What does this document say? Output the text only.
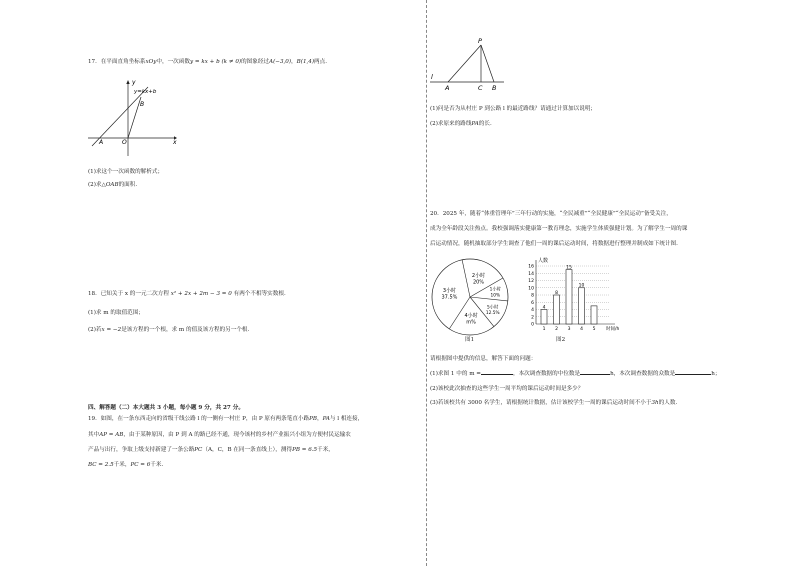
17．在平面直角坐标系xOy中，一次函数y = kx + b (k ≠ 0)的图象经过A(−3,0)，B(1,4)两点.
y
x
O
A
B
y=kx+b
(1)求这个一次函数的解析式；
(2)求△OAB的面积.
18．已知关于 x 的一元二次方程 x² + 2x + 2m − 3 = 0 有两个不相等实数根.
(1)求 m 的取值范围；
(2)若x = −2是该方程的一个根，求 m 的值及该方程的另一个根.
四、解答题（二）本大题共 3 小题，每小题 9 分，共 27 分。
19．如图，在一条东西走向的省级干线公路 l 的一侧有一村庄 P，由 P 原有两条笔直小路PB，PA与 l 相连接，
其中AP = AB，由于某种原因，由 P 到 A 的路已经不通，现今该村的乡村产业振兴小组为方便村民运输农
产品与出行，争取上级支持新建了一条公路PC（A，C，B 在同一条直线上），测得PB = 6.5千米，
BC = 2.5千米，PC = 6千米.
P
l
A	C B
(1)问是否为从村庄 P 到公路 l 的最近路线？请通过计算加以说明；
(2)求原来的路线PA的长.
20．2025 年，随着“体重管理年”三年行动的实施，“全民减重”“全民健康”“全民运动”备受关注，
成为全年龄段关注热点。我校强调落实健康第一教育理念，实施学生体质强健计划。为了解学生一周的课
后运动情况，随机抽取部分学生调查了他们一周的课后运动时间，将数据进行整理并制成如下统计图.
2小时
20%
1小时
10%
5小时
12.5%
4小时
m%
3小时
37.5%
图1
0
2
4
6
8
10
12
14
16
人数
时间/h
1
4
2
8
3
15
4
10
5
图2
请根据图中提供的信息，解答下面的问题：
(1)求图 1 中的 m =	，本次调查数据的中位数是	h，本次调查数据的众数是	h；
(2)该校此次抽查的这些学生一周平均的课后运动时间是多少？
(3)若该校共有 3000 名学生，请根据统计数据，估计该校学生一周的课后运动时间不小于3h的人数.
